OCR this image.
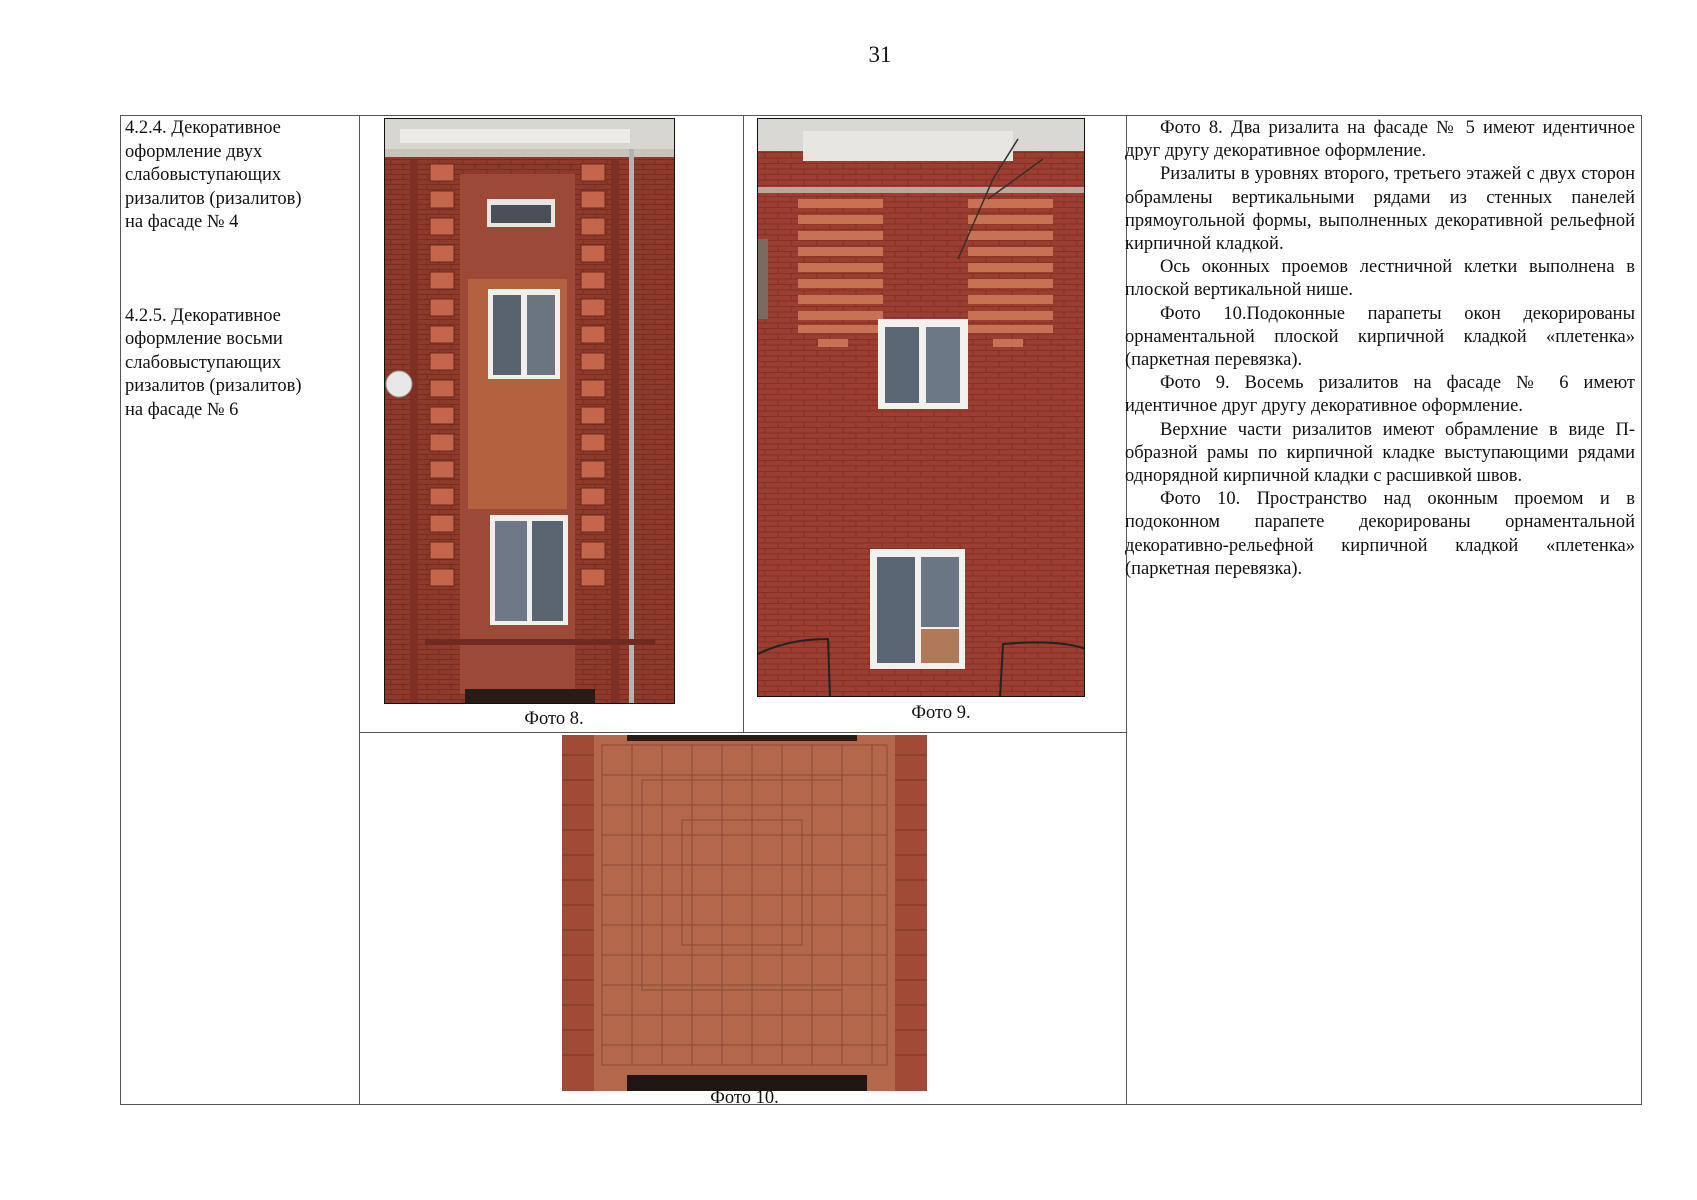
31

4.2.4. Декоративное
оформление двух
слабовыступающих
ризалитов (ризалитов)
на фасаде № 4

4.2.5. Декоративное
оформление восьми
слабовыступающих
ризалитов (ризалитов)
на фасаде № 6

Фото 8.	Фото 9.
Фото 10.

Фото 8. Два ризалита на фасаде № 5 имеют идентичное друг другу декоративное оформление.

Ризалиты в уровнях второго, третьего этажей с двух сторон обрамлены вертикальными рядами из стенных панелей прямоугольной формы, выполненных декоративной рельефной кирпичной кладкой.

Ось оконных проемов лестничной клетки выполнена в плоской вертикальной нише.

Фото 10.Подоконные парапеты окон декорированы орнаментальной плоской кирпичной кладкой «плетенка» (паркетная перевязка).

Фото 9. Восемь ризалитов на фасаде № 6 имеют идентичное друг другу декоративное оформление.

Верхние части ризалитов имеют обрамление в виде П-образной рамы по кирпичной кладке выступающими рядами однорядной кирпичной кладки с расшивкой швов.

Фото 10. Пространство над оконным проемом и в подоконном парапете декорированы орнаментальной декоративно-рельефной кирпичной кладкой «плетенка» (паркетная перевязка).
